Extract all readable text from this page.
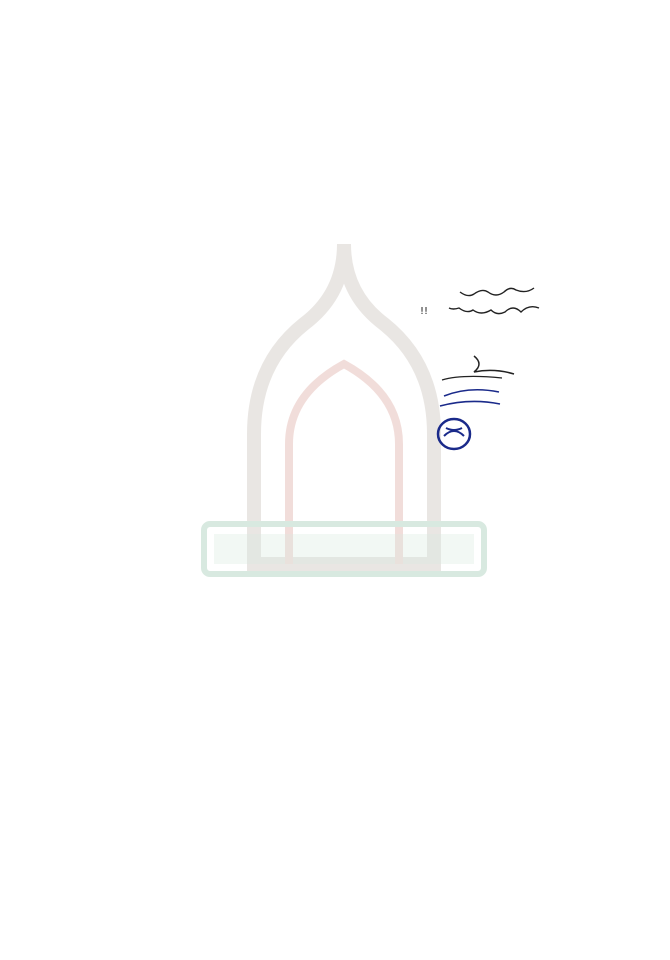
!!
